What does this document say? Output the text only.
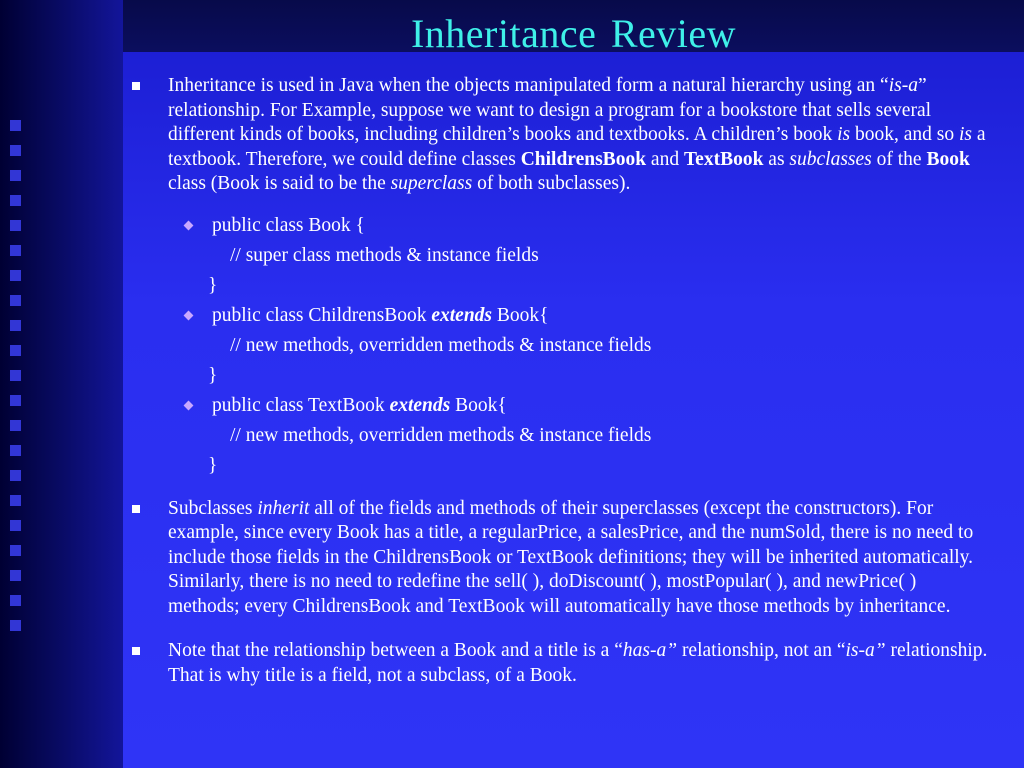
Inheritance Review
Inheritance is used in Java when the objects manipulated form a natural hierarchy using an “is-a” relationship. For Example, suppose we want to design a program for a bookstore that sells several different kinds of books, including children’s books and textbooks. A children’s book is book, and so is a textbook. Therefore, we could define classes ChildrensBook and TextBook as subclasses of the Book class (Book is said to be the superclass of both subclasses).
public class Book {
// super class methods & instance fields
}
public class ChildrensBook extends Book{
// new methods, overridden methods & instance fields
}
public class TextBook extends Book{
// new methods, overridden methods & instance fields
}
Subclasses inherit all of the fields and methods of their superclasses (except the constructors). For example, since every Book has a title, a regularPrice, a salesPrice, and the numSold, there is no need to include those fields in the ChildrensBook or TextBook definitions; they will be inherited automatically. Similarly, there is no need to redefine the sell( ), doDiscount( ), mostPopular( ), and newPrice( ) methods; every ChildrensBook and TextBook will automatically have those methods by inheritance.
Note that the relationship between a Book and a title is a “has-a” relationship, not an “is-a” relationship. That is why title is a field, not a subclass, of a Book.
